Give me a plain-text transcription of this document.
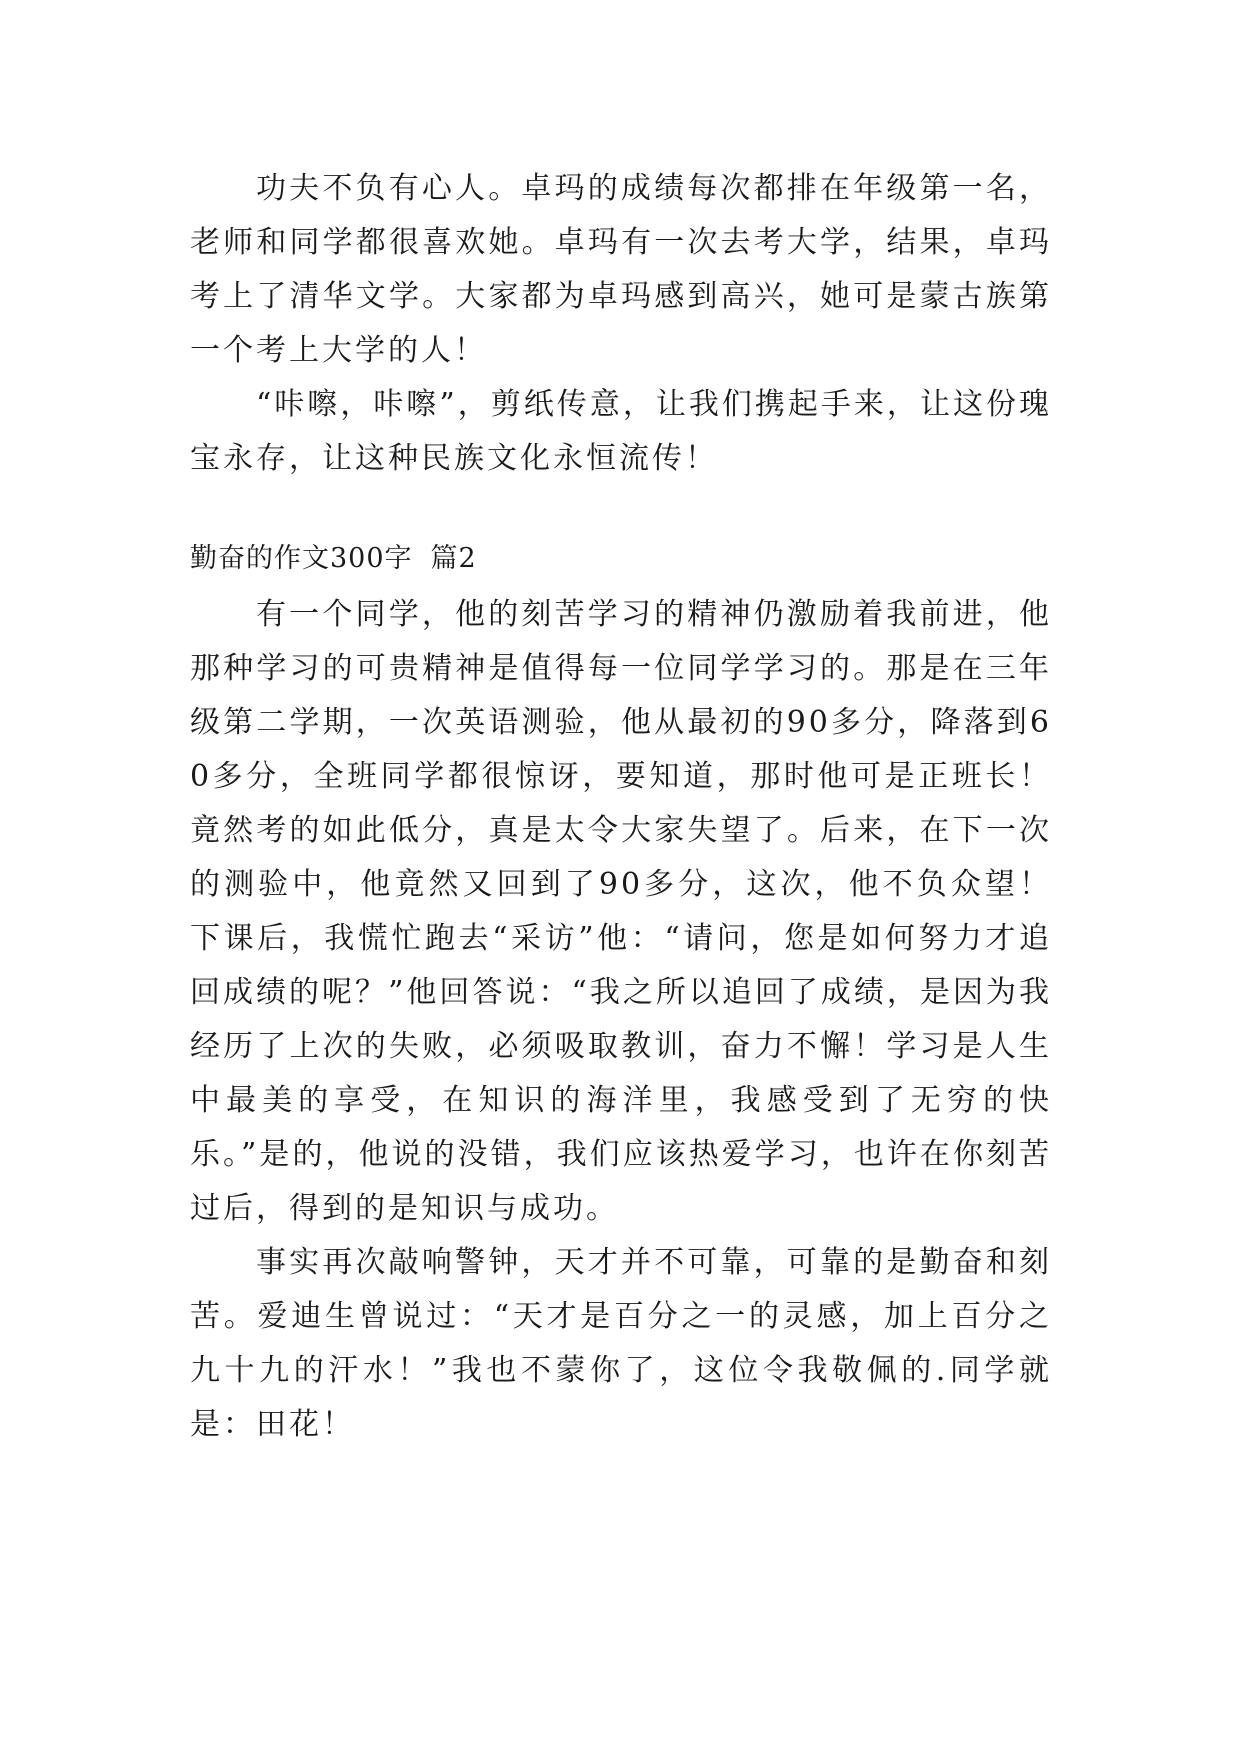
功夫不负有心人。卓玛的成绩每次都排在年级第一名，老师和同学都很喜欢她。卓玛有一次去考大学，结果，卓玛考上了清华文学。大家都为卓玛感到高兴，她可是蒙古族第一个考上大学的人！

“咔嚓，咔嚓”，剪纸传意，让我们携起手来，让这份瑰宝永存，让这种民族文化永恒流传！

勤奋的作文300字 篇2

有一个同学，他的刻苦学习的精神仍激励着我前进，他那种学习的可贵精神是值得每一位同学学习的。那是在三年级第二学期，一次英语测验，他从最初的90多分，降落到60多分，全班同学都很惊讶，要知道，那时他可是正班长！竟然考的如此低分，真是太令大家失望了。后来，在下一次的测验中，他竟然又回到了90多分，这次，他不负众望！下课后，我慌忙跑去“采访”他：“请问，您是如何努力才追回成绩的呢？”他回答说：“我之所以追回了成绩，是因为我经历了上次的失败，必须吸取教训，奋力不懈！学习是人生中最美的享受，在知识的海洋里，我感受到了无穷的快乐。”是的，他说的没错，我们应该热爱学习，也许在你刻苦过后，得到的是知识与成功。

事实再次敲响警钟，天才并不可靠，可靠的是勤奋和刻苦。爱迪生曾说过：“天才是百分之一的灵感，加上百分之九十九的汗水！”我也不蒙你了，这位令我敬佩的.同学就是：田花！
